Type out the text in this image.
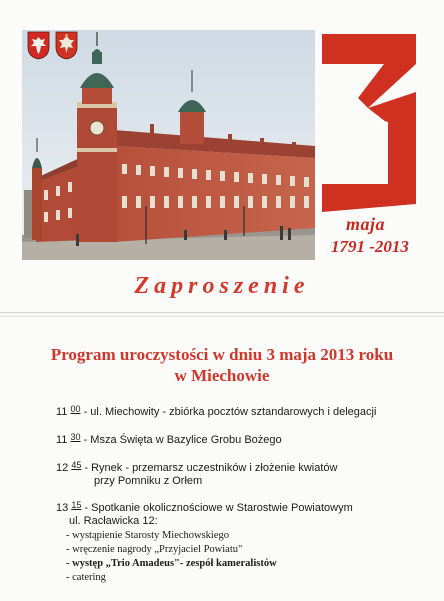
maja
1791 -2013
Zaproszenie
Program uroczystości w dniu 3 maja 2013 roku
w Miechowie
11 $^{00}$ - ul. Miechowity - zbiórka pocztów sztandarowych i delegacji
11 $^{30}$ - Msza Święta w Bazylice Grobu Bożego
12 $^{45}$ - Rynek - przemarsz uczestników i złożenie kwiatów
przy Pomniku z Orłem
13 $^{15}$ - Spotkanie okolicznościowe w Starostwie Powiatowym
ul. Racławicka 12:
- wystąpienie Starosty Miechowskiego
- wręczenie nagrody „Przyjaciel Powiatu"
- występ „Trio Amadeus"- zespół kameralistów
- catering
